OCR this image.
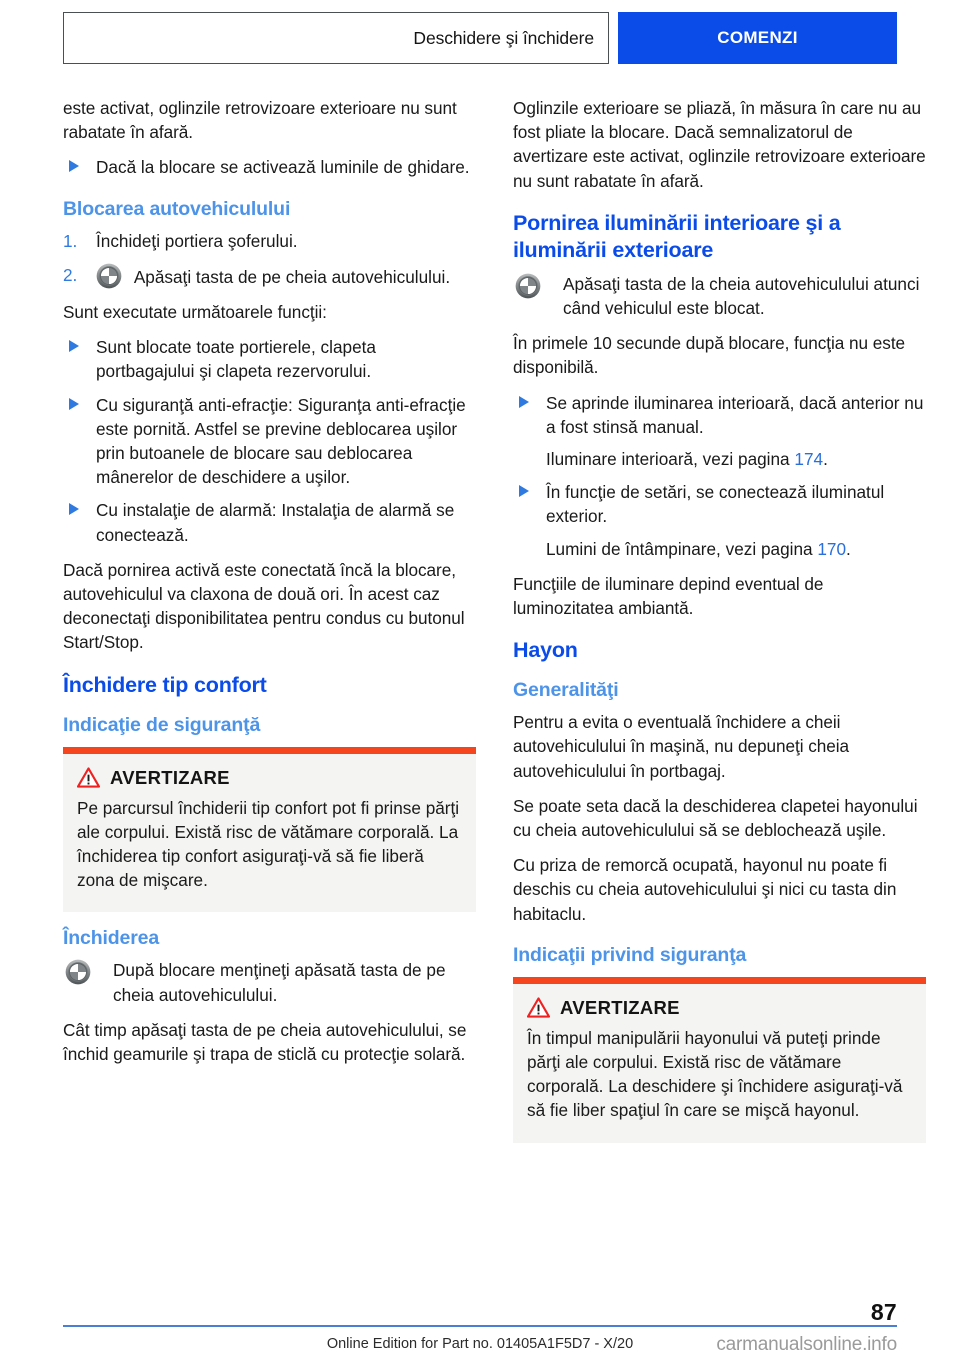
Deschidere şi închidere	COMENZI

este activat, oglinzile retrovizoare exterioare nu sunt rabatate în afară.

Dacă la blocare se activează luminile de ghidare.
Blocarea autovehiculului
1. Închideţi portiera şoferului.
2.	Apăsaţi tasta de pe cheia autovehiculului.

Sunt executate următoarele funcţii:

Sunt blocate toate portierele, clapeta portbagajului şi clapeta rezervorului.
Cu siguranţă anti-efracţie: Siguranţa anti-efracţie este pornită. Astfel se previne deblocarea uşilor prin butoanele de blocare sau deblocarea mânerelor de deschidere a uşilor.
Cu instalaţie de alarmă: Instalaţia de alarmă se conectează.

Dacă pornirea activă este conectată încă la blocare, autovehiculul va claxona de două ori. În acest caz deconectaţi disponibilitatea pentru condus cu butonul Start/Stop.

Închidere tip confort
Indicaţie de siguranţă
AVERTIZARE

Pe parcursul închiderii tip confort pot fi prinse părţi ale corpului. Există risc de vătămare corporală. La închiderea tip confort asiguraţi-vă să fie liberă zona de mişcare.

Închiderea
După blocare menţineţi apăsată tasta de pe cheia autovehiculului.

Cât timp apăsaţi tasta de pe cheia autovehiculului, se închid geamurile şi trapa de sticlă cu protecţie solară.

Oglinzile exterioare se pliază, în măsura în care nu au fost pliate la blocare. Dacă semnalizatorul de avertizare este activat, oglinzile retrovizoare exterioare nu sunt rabatate în afară.

Pornirea iluminării interioare şi a iluminării exterioare
Apăsaţi tasta de la cheia autovehiculului atunci când vehiculul este blocat.

În primele 10 secunde după blocare, funcţia nu este disponibilă.

Se aprinde iluminarea interioară, dacă anterior nu a fost stinsă manual.

Iluminare interioară, vezi pagina 174.

În funcţie de setări, se conectează iluminatul exterior.

Lumini de întâmpinare, vezi pagina 170.

Funcţiile de iluminare depind eventual de luminozitatea ambiantă.

Hayon
Generalităţi

Pentru a evita o eventuală închidere a cheii autovehiculului în maşină, nu depuneţi cheia autovehiculului în portbagaj.

Se poate seta dacă la deschiderea clapetei hayonului cu cheia autovehiculului să se deblochează uşile.

Cu priza de remorcă ocupată, hayonul nu poate fi deschis cu cheia autovehiculului şi nici cu tasta din habitaclu.

Indicaţii privind siguranţa
AVERTIZARE

În timpul manipulării hayonului vă puteţi prinde părţi ale corpului. Există risc de vătămare corporală. La deschidere şi închidere asiguraţi-vă să fie liber spaţiul în care se mişcă hayonul.

87
Online Edition for Part no. 01405A1F5D7 - X/20	carmanualsonline.info
